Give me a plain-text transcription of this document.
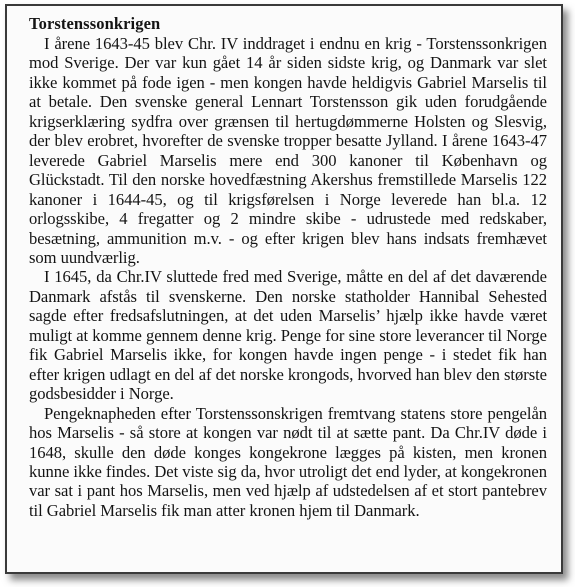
Torstenssonkrigen

I årene 1643-45 blev Chr. IV inddraget i endnu en krig - Torstenssonkrigen mod Sverige. Der var kun gået 14 år siden sidste krig, og Danmark var slet ikke kommet på fode igen - men kongen havde heldigvis Gabriel Marselis til at betale. Den svenske general Lennart Torstensson gik uden forudgående krigserklæring sydfra over grænsen til hertugdømmerne Holsten og Slesvig, der blev erobret, hvorefter de svenske tropper besatte Jylland. I årene 1643-47 leverede Gabriel Marselis mere end 300 kanoner til København og Glückstadt. Til den norske hovedfæstning Akershus fremstillede Marselis 122 kanoner i 1644-45, og til krigsførelsen i Norge leverede han bl.a. 12 orlogsskibe, 4 fregatter og 2 mindre skibe - udrustede med redskaber, besætning, ammunition m.v. - og efter krigen blev hans indsats fremhævet som uundværlig.

I 1645, da Chr.IV sluttede fred med Sverige, måtte en del af det daværende Danmark afstås til svenskerne. Den norske statholder Hannibal Sehested sagde efter fredsafslutningen, at det uden Marselis’ hjælp ikke havde været muligt at komme gennem denne krig. Penge for sine store leverancer til Norge fik Gabriel Marselis ikke, for kongen havde ingen penge - i stedet fik han efter krigen udlagt en del af det norske krongods, hvorved han blev den største godsbesidder i Norge.

Pengeknapheden efter Torstenssonskrigen fremtvang statens store pengelån hos Marselis - så store at kongen var nødt til at sætte pant. Da Chr.IV døde i 1648, skulle den døde konges kongekrone lægges på kisten, men kronen kunne ikke findes. Det viste sig da, hvor utroligt det end lyder, at kongekronen var sat i pant hos Marselis, men ved hjælp af udstedelsen af et stort pantebrev til Gabriel Marselis fik man atter kronen hjem til Danmark.
